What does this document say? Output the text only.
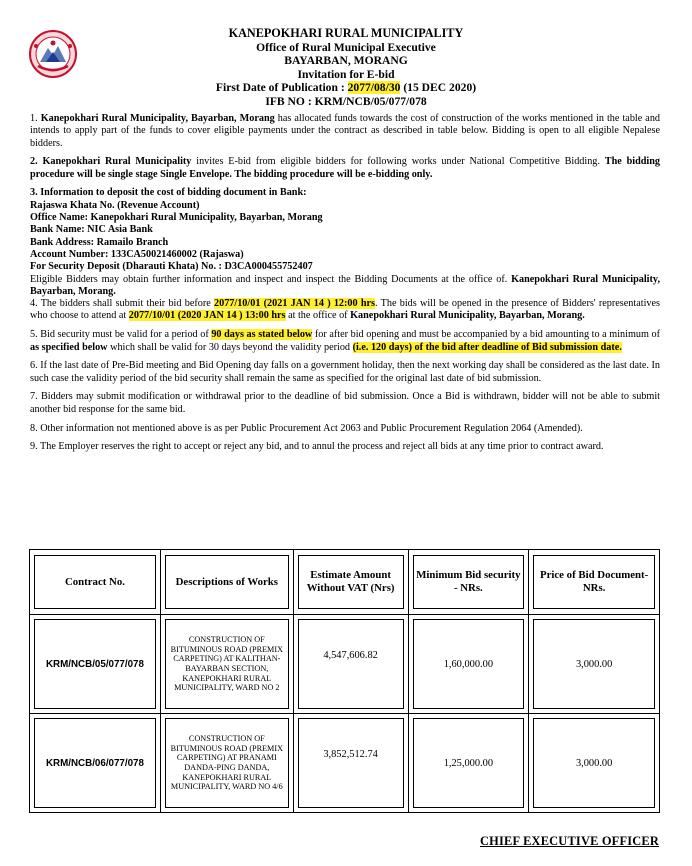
KANEPOKHARI RURAL MUNICIPALITY
Office of Rural Municipal Executive
BAYARBAN, MORANG
Invitation for E-bid
First Date of Publication : 2077/08/30 (15 DEC 2020)
IFB NO : KRM/NCB/05/077/078

1. Kanepokhari Rural Municipality, Bayarban, Morang has allocated funds towards the cost of construction of the works mentioned in the table and intends to apply part of the funds to cover eligible payments under the contract as described in table below. Bidding is open to all eligible Nepalese bidders.

2. Kanepokhari Rural Municipality invites E-bid from eligible bidders for following works under National Competitive Bidding. The bidding procedure will be single stage Single Envelope. The bidding procedure will be e-bidding only.

3. Information to deposit the cost of bidding document in Bank:

Rajaswa Khata No. (Revenue Account)

Office Name: Kanepokhari Rural Municipality, Bayarban, Morang

Bank Name: NIC Asia Bank

Bank Address: Ramailo Branch

Account Number: 133CA50021460002 (Rajaswa)

For Security Deposit (Dharauti Khata) No. : D3CA000455752407

Eligible Bidders may obtain further information and inspect and inspect the Bidding Documents at the office of. Kanepokhari Rural Municipality, Bayarban, Morang.

4. The bidders shall submit their bid before 2077/10/01 (2021 JAN 14 ) 12:00 hrs. The bids will be opened in the presence of Bidders' representatives who choose to attend at 2077/10/01 (2020 JAN 14 ) 13:00 hrs at the office of Kanepokhari Rural Municipality, Bayarban, Morang.

5. Bid security must be valid for a period of 90 days as stated below for after bid opening and must be accompanied by a bid amounting to a minimum of as specified below which shall be valid for 30 days beyond the validity period (i.e. 120 days) of the bid after deadline of Bid submission date.

6. If the last date of Pre-Bid meeting and Bid Opening day falls on a government holiday, then the next working day shall be considered as the last date. In such case the validity period of the bid security shall remain the same as specified for the original last date of bid submission.

7. Bidders may submit modification or withdrawal prior to the deadline of bid submission. Once a Bid is withdrawn, bidder will not be able to submit another bid response for the same bid.

8. Other information not mentioned above is as per Public Procurement Act 2063 and Public Procurement Regulation 2064 (Amended).

9. The Employer reserves the right to accept or reject any bid, and to annul the process and reject all bids at any time prior to contract award.

Contract No.	Descriptions of Works	Estimate Amount Without VAT (Nrs)	Minimum Bid security - NRs.	Price of Bid Document- NRs.

KRM/NCB/05/077/078	CONSTRUCTION OF BITUMINOUS ROAD (PREMIX CARPETING) AT KALITHAN-BAYARBAN SECTION, KANEPOKHARI RURAL MUNICIPALITY, WARD NO 2	4,547,606.82	1,60,000.00	3,000.00

KRM/NCB/06/077/078	CONSTRUCTION OF BITUMINOUS ROAD (PREMIX CARPETING) AT PRANAMI DANDA-PING DANDA, KANEPOKHARI RURAL MUNICIPALITY, WARD NO 4/6	3,852,512.74	1,25,000.00	3,000.00
CHIEF EXECUTIVE OFFICER
